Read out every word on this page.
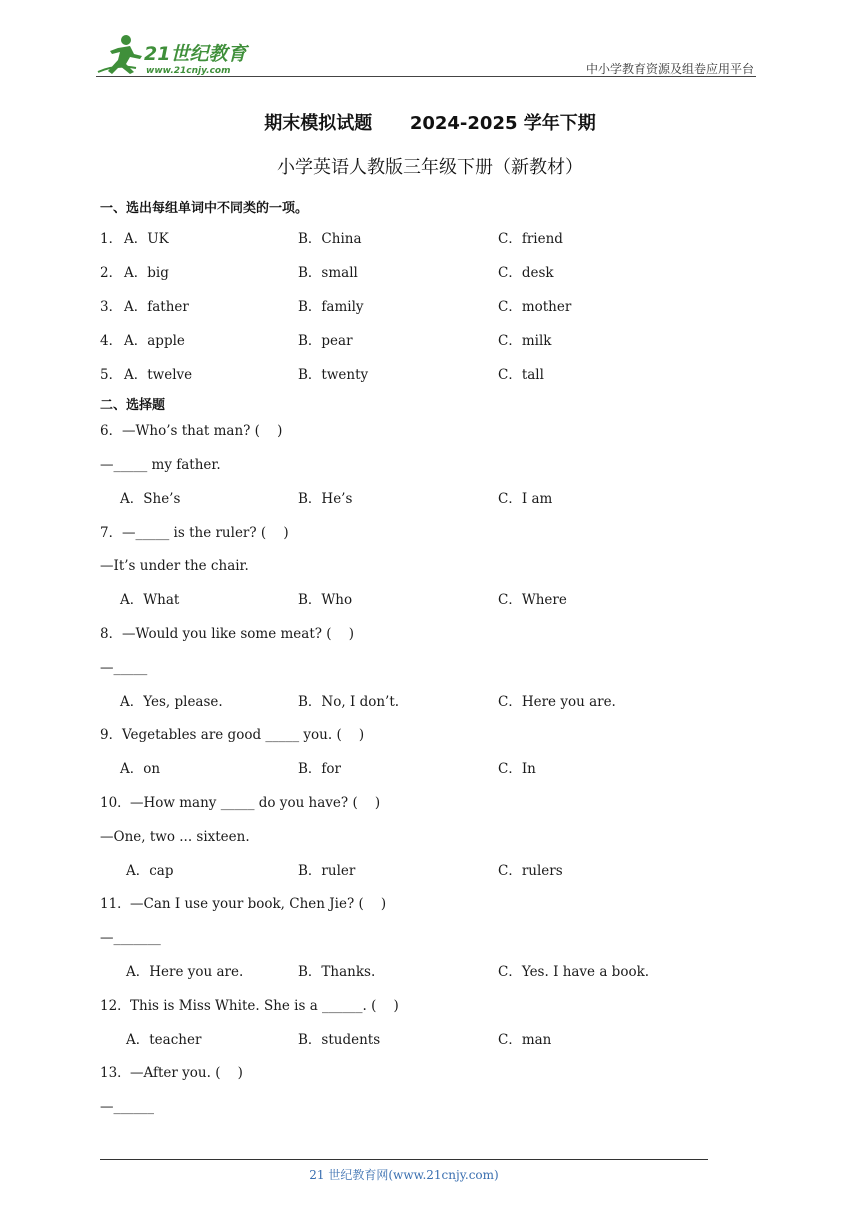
21世纪教育
www.21cnjy.com	中小学教育资源及组卷应用平台
期末模拟试题      2024-2025 学年下期
小学英语人教版三年级下册（新教材）
一、选出每组单词中不同类的一项。
二、选择题
1． A．UK	B．China	C．friend
2． A．big	B．small	C．desk
3． A．father	B．family	C．mother
4． A．apple	B．pear	C．milk
5． A．twelve	B．twenty	C．tall
6． —Who’s that man? (    )
—_____ my father.
A．She’s	B．He’s	C．I am
7． —_____ is the ruler? (    )
—It’s under the chair.
A．What	B．Who	C．Where
8． —Would you like some meat? (    )
—_____
A．Yes, please.	B．No, I don’t.	C．Here you are.
9． Vegetables are good _____ you. (    )
A．on	B．for	C．In
10． —How many _____ do you have? (    )
—One, two ... sixteen.
A．cap	B．ruler	C．rulers
11． —Can I use your book, Chen Jie? (    )
—_______
A．Here you are.	B．Thanks.	C．Yes. I have a book.
12． This is Miss White. She is a ______. (    )
A．teacher	B．students	C．man
13． —After you. (    )
—______
21 世纪教育网(www.21cnjy.com)
